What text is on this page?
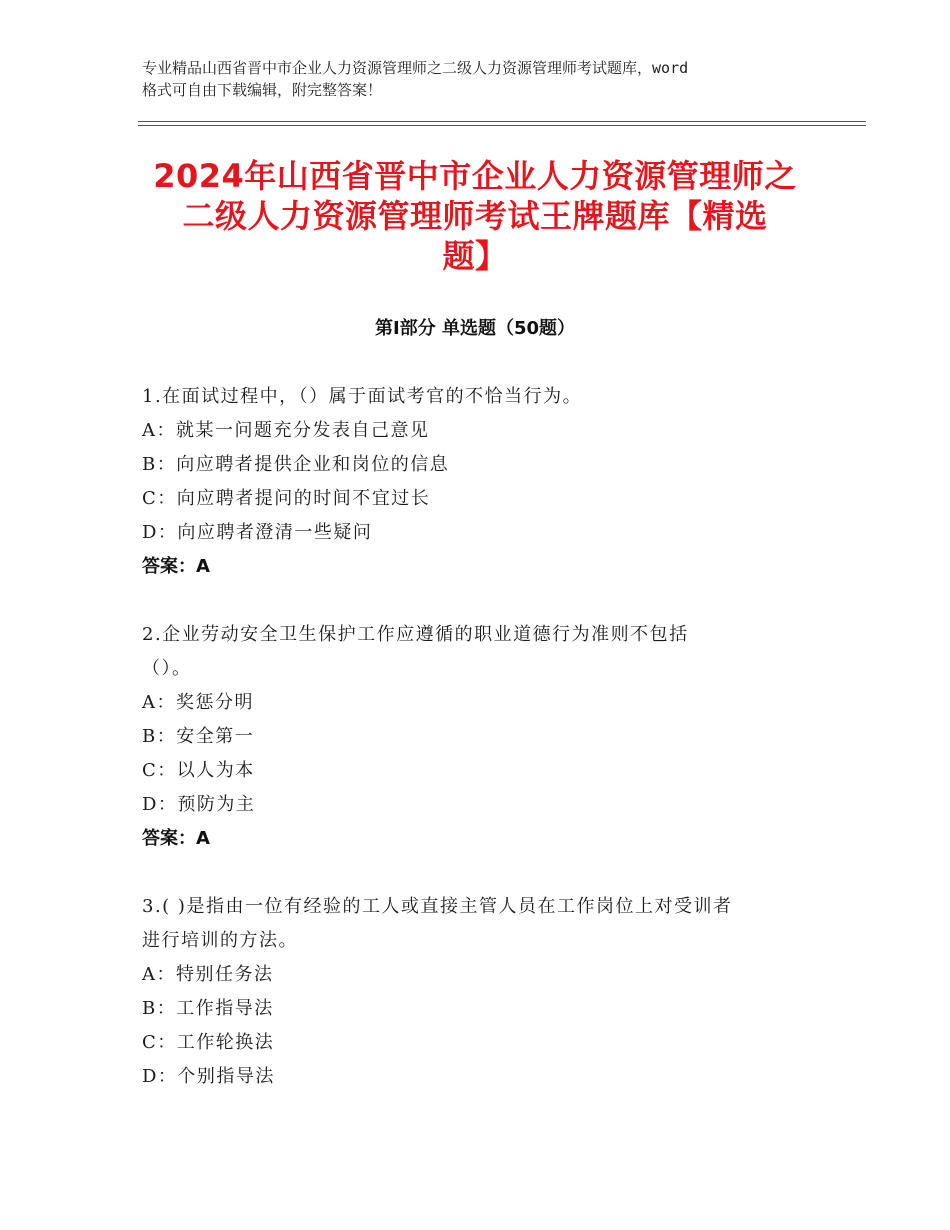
专业精品山西省晋中市企业人力资源管理师之二级人力资源管理师考试题库，word
格式可自由下载编辑，附完整答案！
2024年山西省晋中市企业人力资源管理师之
二级人力资源管理师考试王牌题库【精选
题】
第Ⅰ部分 单选题（50题）
1.在面试过程中，（）属于面试考官的不恰当行为。
A：就某一问题充分发表自己意见
B：向应聘者提供企业和岗位的信息
C：向应聘者提问的时间不宜过长
D：向应聘者澄清一些疑问
答案：A
2.企业劳动安全卫生保护工作应遵循的职业道德行为准则不包括
（）。
A：奖惩分明
B：安全第一
C：以人为本
D：预防为主
答案：A
3.( )是指由一位有经验的工人或直接主管人员在工作岗位上对受训者
进行培训的方法。
A：特别任务法
B：工作指导法
C：工作轮换法
D：个别指导法
